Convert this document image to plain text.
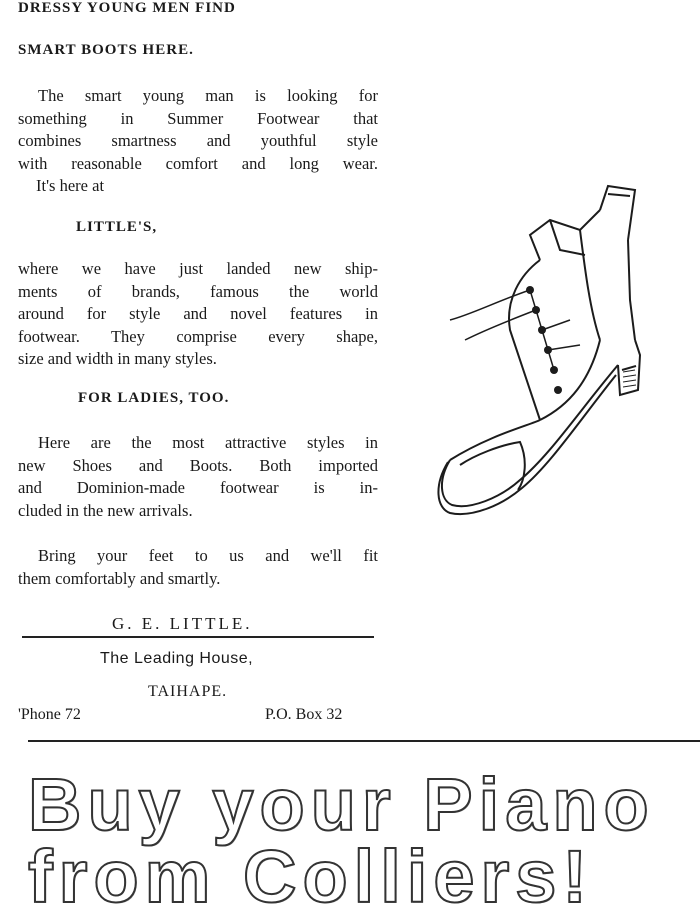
DRESSY YOUNG MEN FIND
SMART BOOTS HERE.
The smart young man is looking for
something in Summer Footwear that
combines smartness and youthful style
with reasonable comfort and long wear.
It's here at
LITTLE'S,
where we have just landed new ship-
ments of brands, famous the world
around for style and novel features in
footwear. They comprise every shape,
size and width in many styles.
FOR LADIES, TOO.
Here are the most attractive styles in
new Shoes and Boots. Both imported
and Dominion-made footwear is in-
cluded in the new arrivals.
Bring your feet to us and we'll fit
them comfortably and smartly.
G. E. LITTLE.
The Leading House,
TAIHAPE.
'Phone 72	P.O. Box 32
Buy your Piano
from Colliers!
